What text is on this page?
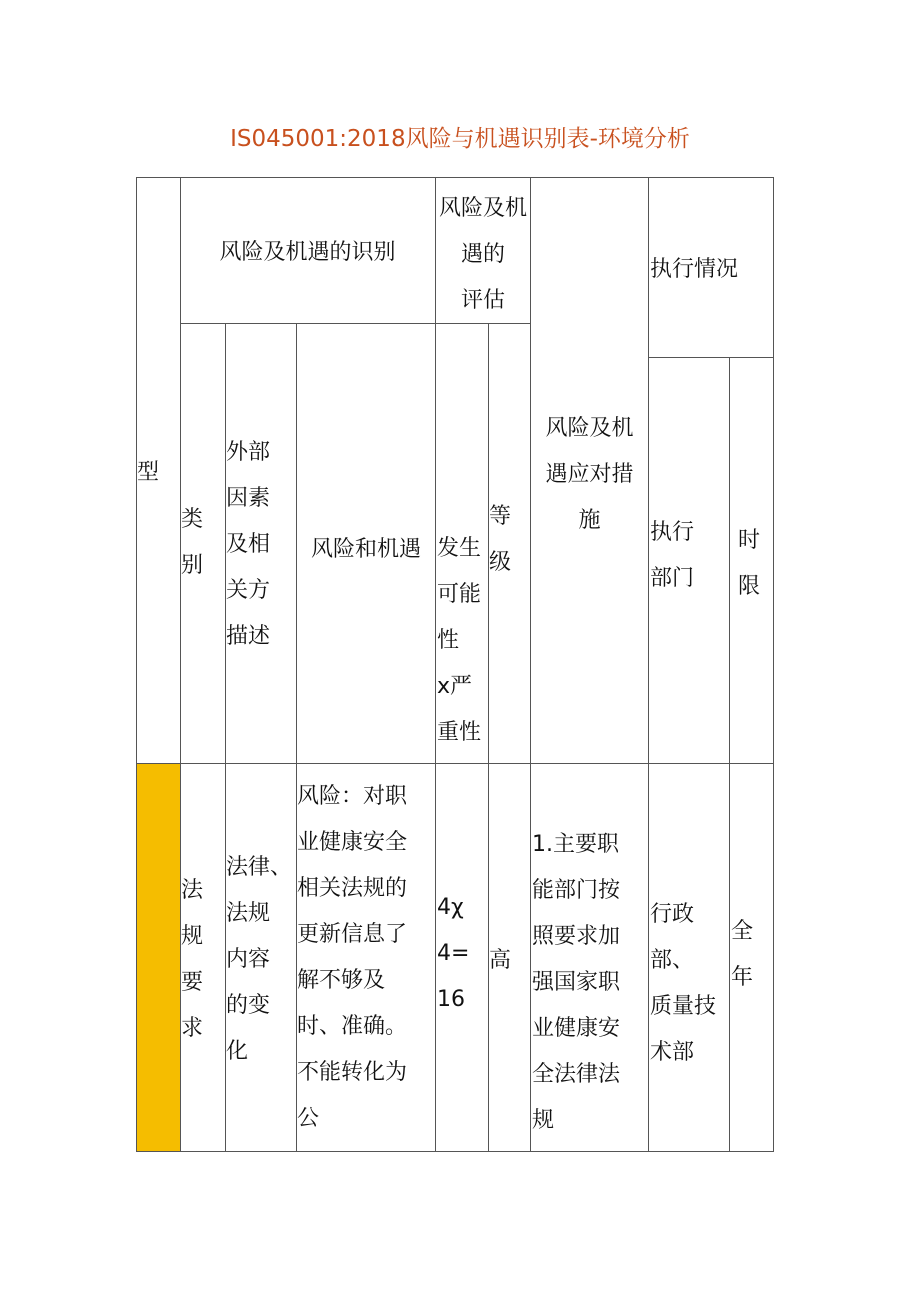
IS045001:2018风险与机遇识别表-环境分析
型
风险及机遇的识别
风险及机遇的
评估
风险及机
遇应对措
施
执行情况
类
别
外部
因素
及相
关方
描述
风险和机遇 发生
可能
性
x严
重性
等
级
执行
部门
时
限
法
规
要
求
法律、
法规
内容
的变
化
风险：对职
业健康安全
相关法规的
更新信息了
解不够及
时、准确。
不能转化为
公
4χ
4=
16
高
1.主要职
能部门按
照要求加
强国家职
业健康安
全法律法
规
行政部、
质量技
术部
全
年
